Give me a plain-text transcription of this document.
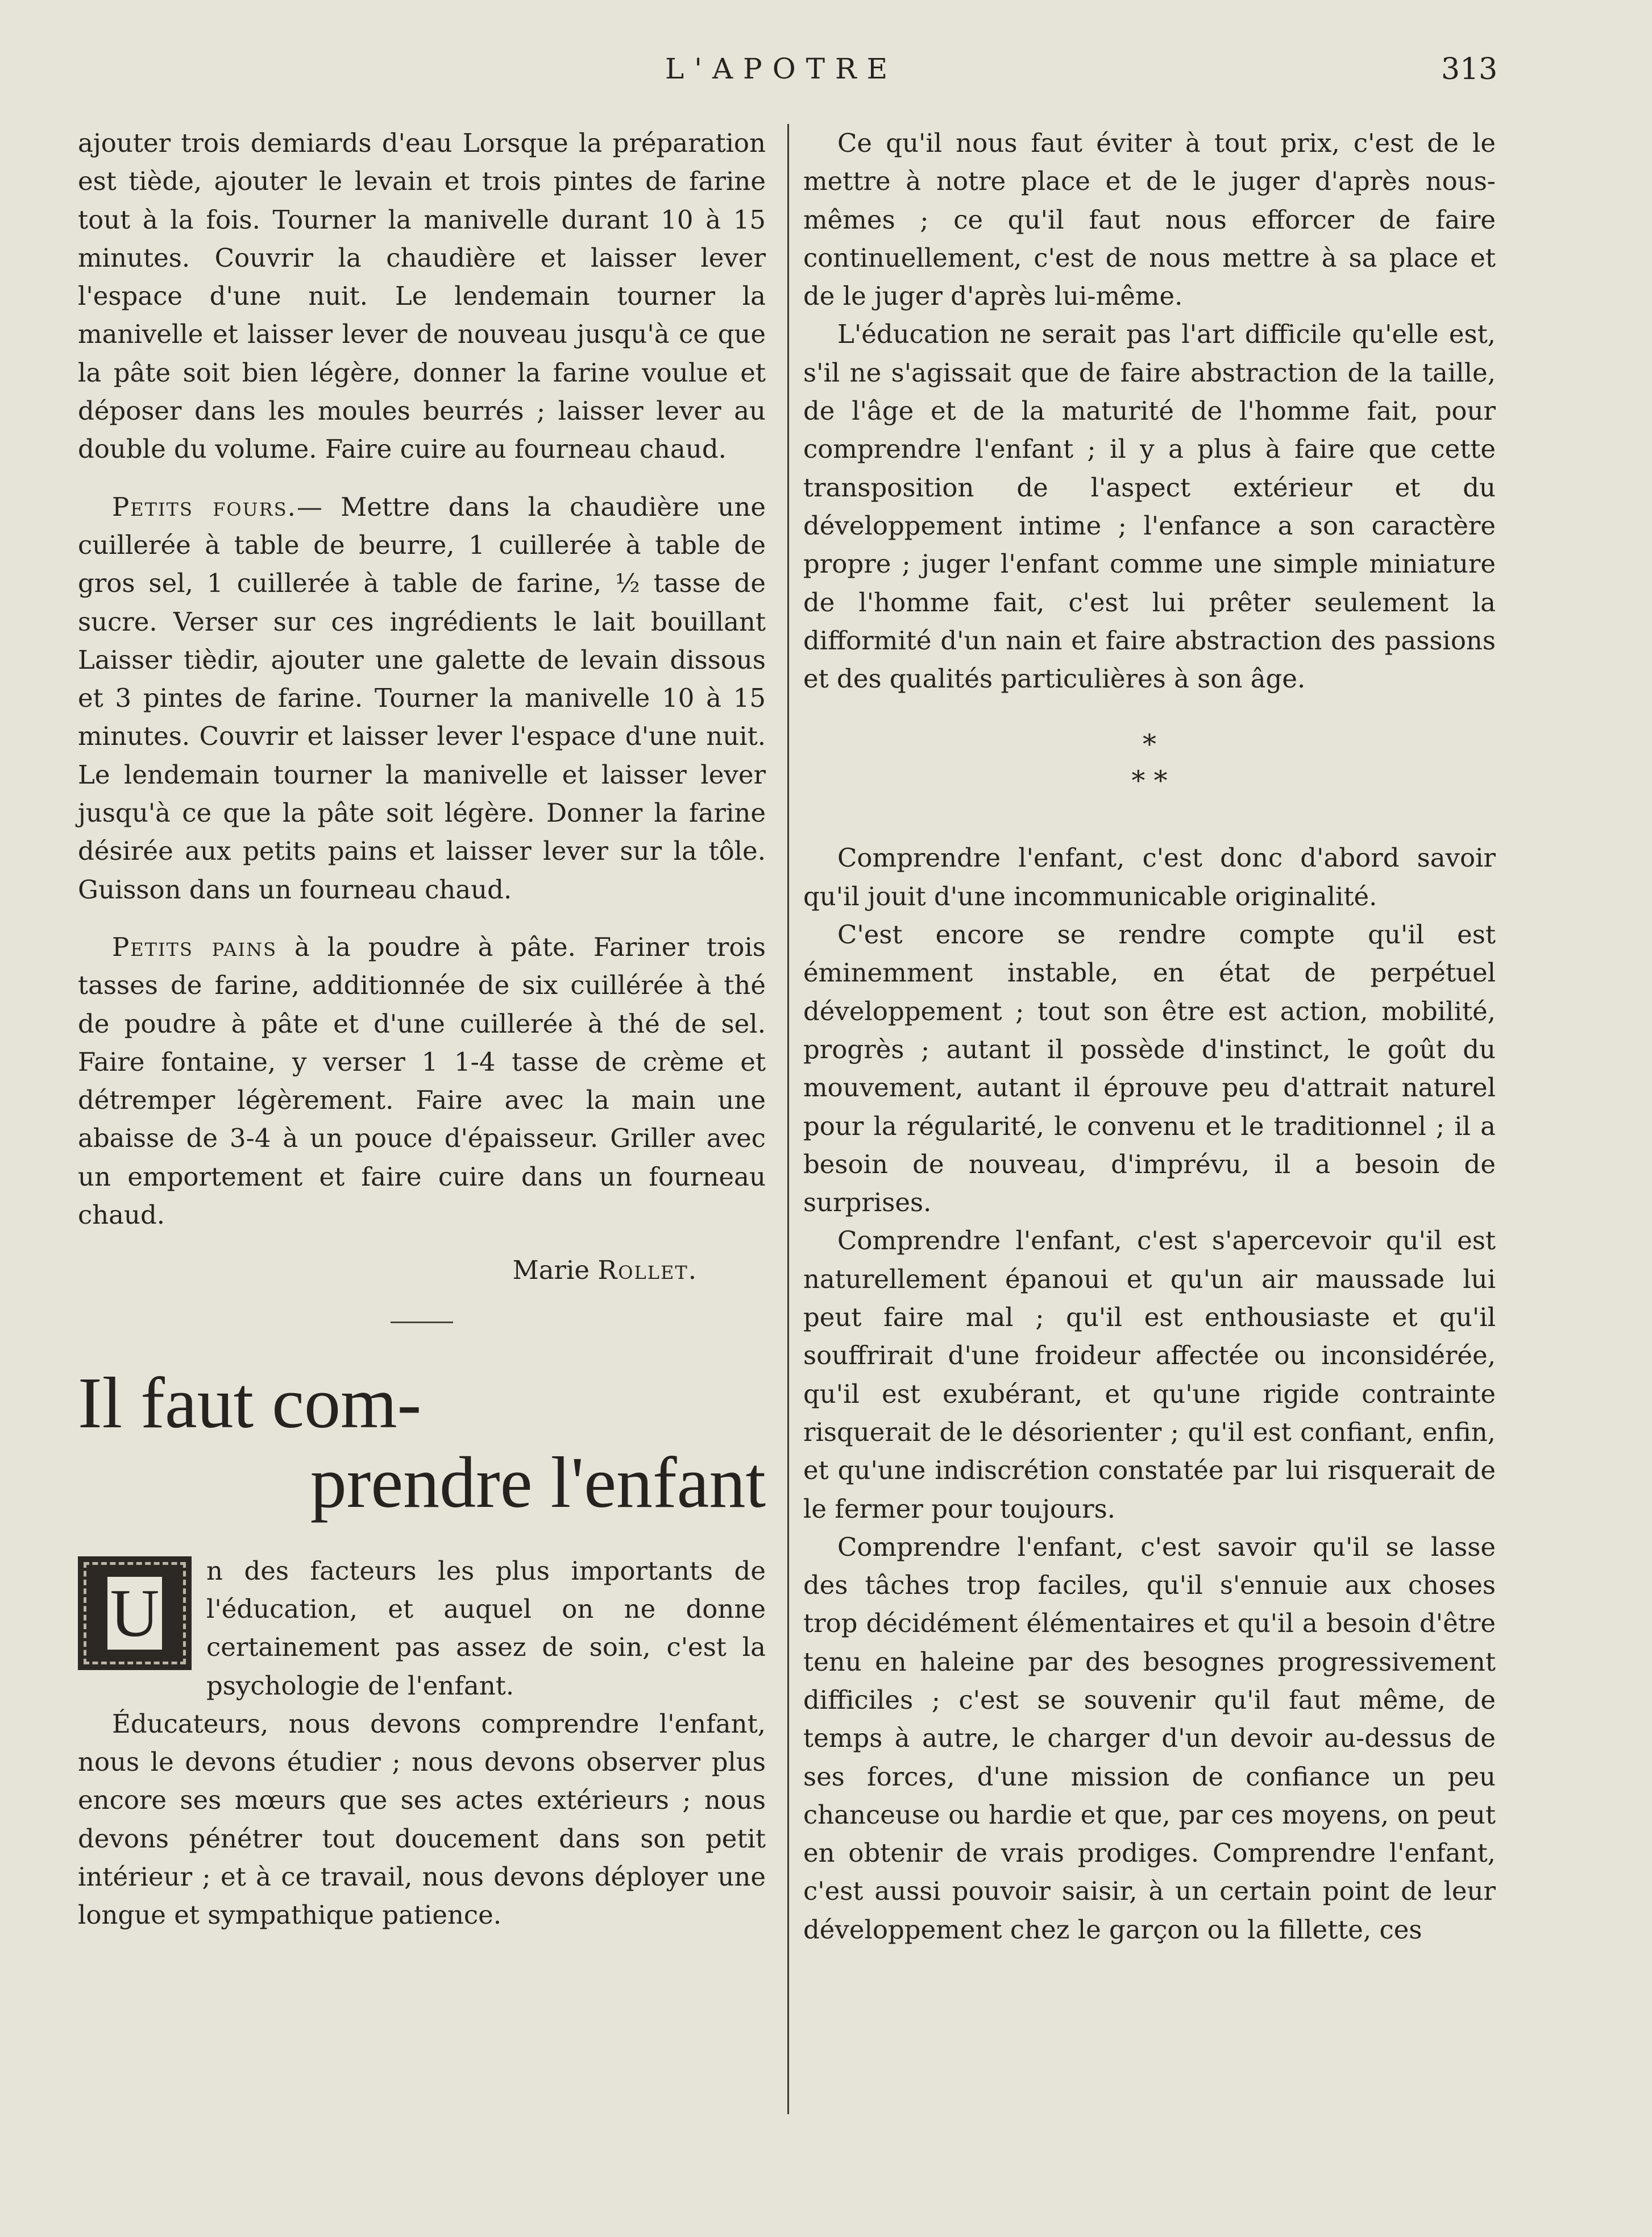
L'APOTRE	313

ajouter trois demiards d'eau Lorsque la préparation est tiède, ajouter le levain et trois pintes de farine tout à la fois. Tourner la manivelle durant 10 à 15 minutes. Couvrir la chaudière et laisser lever l'espace d'une nuit. Le lendemain tourner la manivelle et laisser lever de nouveau jusqu'à ce que la pâte soit bien légère, donner la farine voulue et déposer dans les moules beurrés ; laisser lever au double du volume. Faire cuire au fourneau chaud.

Petits fours.— Mettre dans la chaudière une cuillerée à table de beurre, 1 cuillerée à table de gros sel, 1 cuillerée à table de farine, ½ tasse de sucre. Verser sur ces ingrédients le lait bouillant Laisser tièdir, ajouter une galette de levain dissous et 3 pintes de farine. Tourner la manivelle 10 à 15 minutes. Couvrir et laisser lever l'espace d'une nuit. Le lendemain tourner la manivelle et laisser lever jusqu'à ce que la pâte soit légère. Donner la farine désirée aux petits pains et laisser lever sur la tôle. Guisson dans un fourneau chaud.

Petits pains à la poudre à pâte. Fariner trois tasses de farine, additionnée de six cuillérée à thé de poudre à pâte et d'une cuillerée à thé de sel. Faire fontaine, y verser 1 1-4 tasse de crème et détremper légèrement. Faire avec la main une abaisse de 3-4 à un pouce d'épaisseur. Griller avec un emportement et faire cuire dans un fourneau chaud.

Marie Rollet.

Il faut com-
prendre l'enfant

U
n des facteurs les plus importants de l'éducation, et auquel on ne donne certainement pas assez de soin, c'est la psychologie de l'enfant.

Éducateurs, nous devons comprendre l'enfant, nous le devons étudier ; nous devons observer plus encore ses mœurs que ses actes extérieurs ; nous devons pénétrer tout doucement dans son petit intérieur ; et à ce travail, nous devons déployer une longue et sympathique patience.

Ce qu'il nous faut éviter à tout prix, c'est de le mettre à notre place et de le juger d'après nous-mêmes ; ce qu'il faut nous efforcer de faire continuellement, c'est de nous mettre à sa place et de le juger d'après lui-même.

L'éducation ne serait pas l'art difficile qu'elle est, s'il ne s'agissait que de faire abstraction de la taille, de l'âge et de la maturité de l'homme fait, pour comprendre l'enfant ; il y a plus à faire que cette transposition de l'aspect extérieur et du développement intime ; l'enfance a son caractère propre ; juger l'enfant comme une simple miniature de l'homme fait, c'est lui prêter seulement la difformité d'un nain et faire abstraction des passions et des qualités particulières à son âge.

*
* *

Comprendre l'enfant, c'est donc d'abord savoir qu'il jouit d'une incommunicable originalité.

C'est encore se rendre compte qu'il est éminemment instable, en état de perpétuel développement ; tout son être est action, mobilité, progrès ; autant il possède d'instinct, le goût du mouvement, autant il éprouve peu d'attrait naturel pour la régularité, le convenu et le traditionnel ; il a besoin de nouveau, d'imprévu, il a besoin de surprises.

Comprendre l'enfant, c'est s'apercevoir qu'il est naturellement épanoui et qu'un air maussade lui peut faire mal ; qu'il est enthousiaste et qu'il souffrirait d'une froideur affectée ou inconsidérée, qu'il est exubérant, et qu'une rigide contrainte risquerait de le désorienter ; qu'il est confiant, enfin, et qu'une indiscrétion constatée par lui risquerait de le fermer pour toujours.

Comprendre l'enfant, c'est savoir qu'il se lasse des tâches trop faciles, qu'il s'ennuie aux choses trop décidément élémentaires et qu'il a besoin d'être tenu en haleine par des besognes progressivement difficiles ; c'est se souvenir qu'il faut même, de temps à autre, le charger d'un devoir au-dessus de ses forces, d'une mission de confiance un peu chanceuse ou hardie et que, par ces moyens, on peut en obtenir de vrais prodiges. Comprendre l'enfant, c'est aussi pouvoir saisir, à un certain point de leur développement chez le garçon ou la fillette, ces
